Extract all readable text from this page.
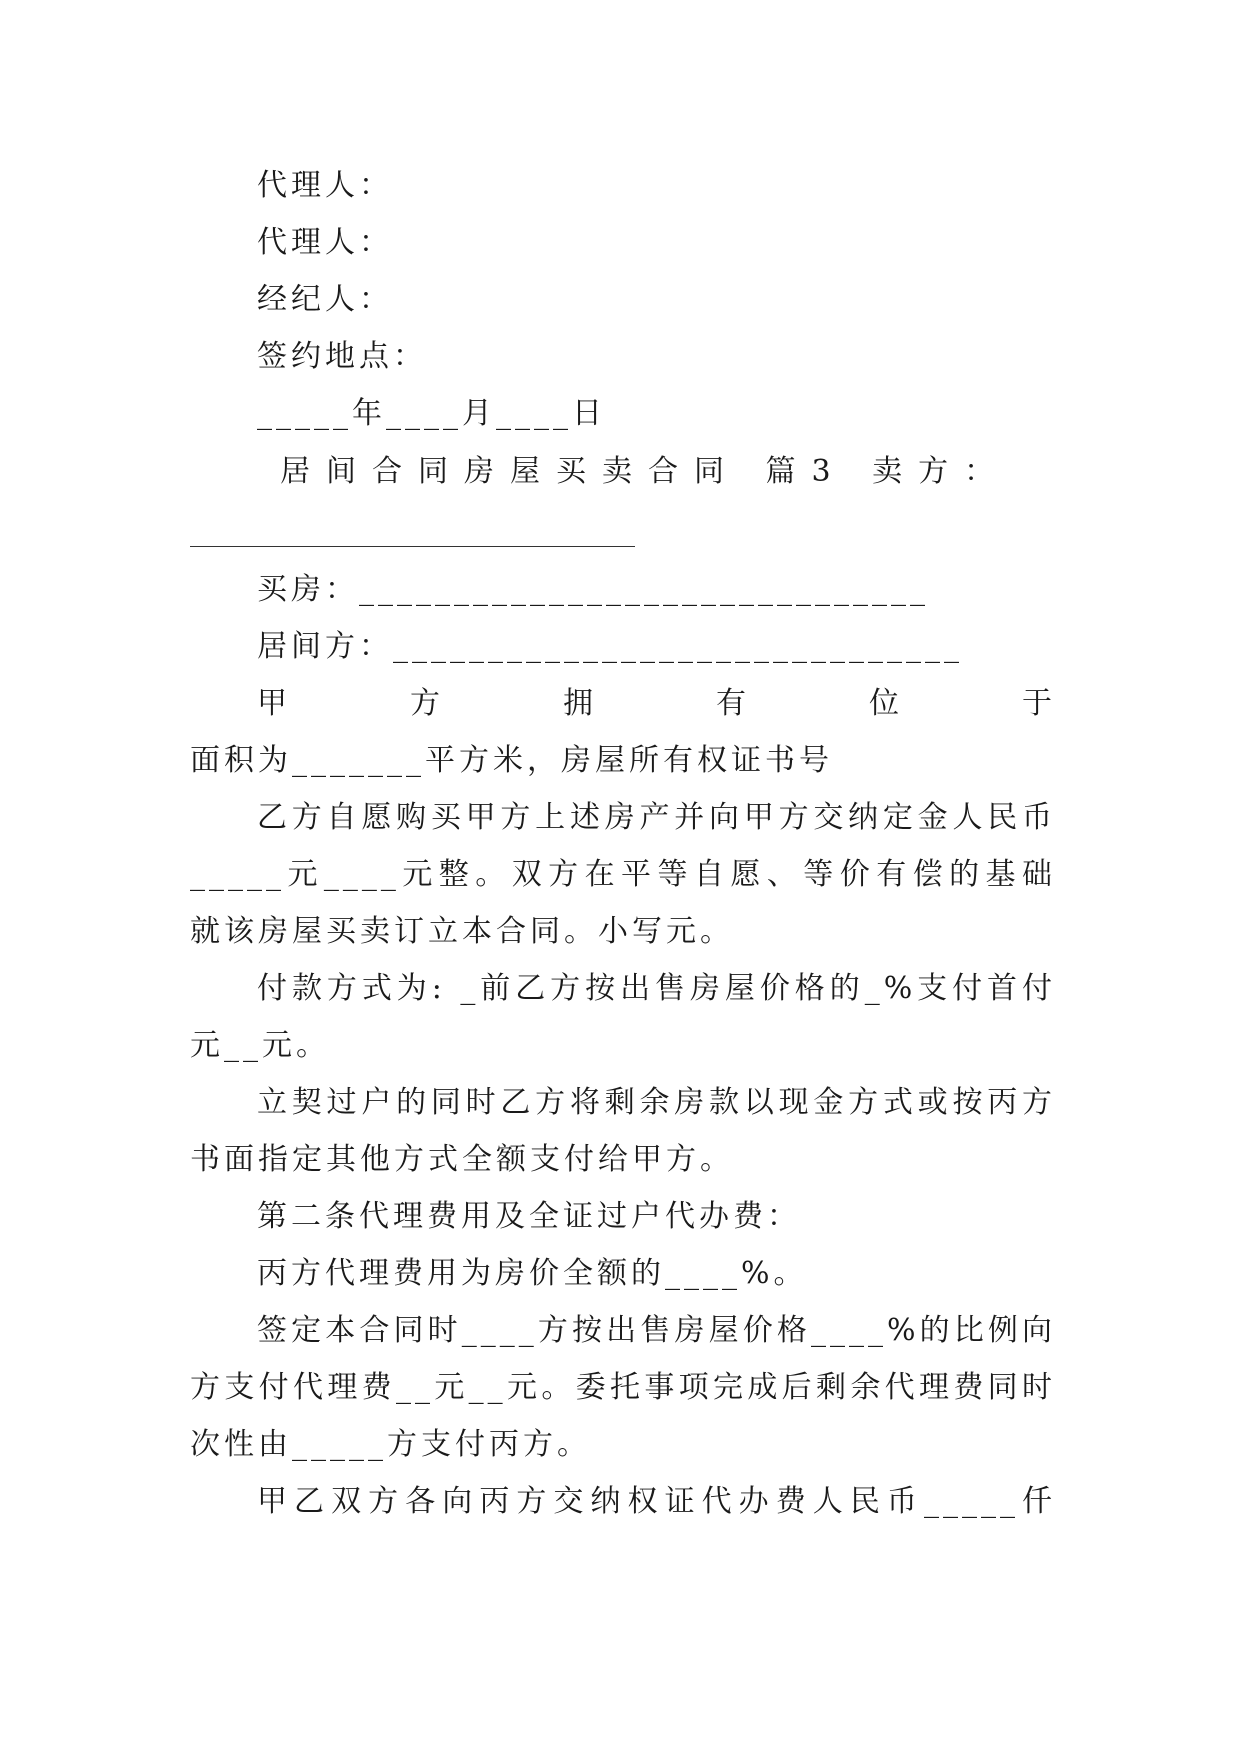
代理人：
代理人：
经纪人：
签约地点：
_____年____月____日
居间合同房屋买卖合同 篇3 卖方：
买房：______________________________
居间方：______________________________
甲方拥有位于
面积为_______平方米，房屋所有权证书号
乙方自愿购买甲方上述房产并向甲方交纳定金人民币
_____元____元整。双方在平等自愿、等价有偿的基础
就该房屋买卖订立本合同。小写元。
付款方式为: _前乙方按出售房屋价格的_%支付首付
元__元。
立契过户的同时乙方将剩余房款以现金方式或按丙方
书面指定其他方式全额支付给甲方。
第二条代理费用及全证过户代办费：
丙方代理费用为房价全额的____%。
签定本合同时____方按出售房屋价格____%的比例向
方支付代理费__元__元。委托事项完成后剩余代理费同时
次性由_____方支付丙方。
甲乙双方各向丙方交纳权证代办费人民币_____仟
